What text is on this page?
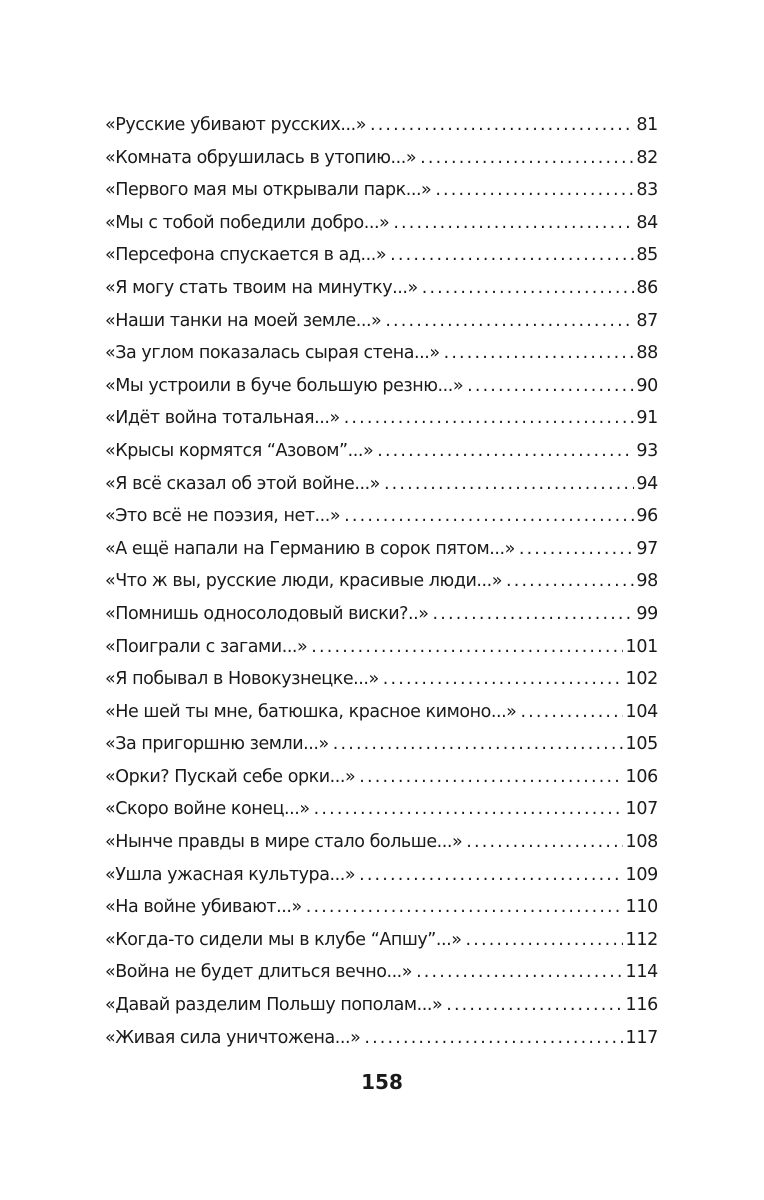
«Русские убивают русских...» . . .	81
«Комната обрушилась в утопию...» . . .	82
«Первого мая мы открывали парк...» . . .	83
«Мы с тобой победили добро...» . . .	84
«Персефона спускается в ад...» . . .	85
«Я могу стать твоим на минутку...» . . .	86
«Наши танки на моей земле...» . . .	87
«За углом показалась сырая стена...» . . .	88
«Мы устроили в буче большую резню...» . . .	90
«Идёт война тотальная...» . . .	91
«Крысы кормятся “Азовом”...» . . .	93
«Я всё сказал об этой войне...» . . .	94
«Это всё не поэзия, нет...» . . .	96
«А ещё напали на Германию в сорок пятом...» . . .	97
«Что ж вы, русские люди, красивые люди...» . . .	98
«Помнишь односолодовый виски?..» . . .	99
«Поиграли с загами...» . . .	101
«Я побывал в Новокузнецке...» . . .	102
«Не шей ты мне, батюшка, красное кимоно...» . . .	104
«За пригоршню земли...» . . .	105
«Орки? Пускай себе орки...» . . .	106
«Скоро войне конец...» . . .	107
«Нынче правды в мире стало больше...» . . .	108
«Ушла ужасная культура...» . . .	109
«На войне убивают...» . . .	110
«Когда-то сидели мы в клубе “Апшу”...» . . .	112
«Война не будет длиться вечно...» . . .	114
«Давай разделим Польшу пополам...» . . .	116
«Живая сила уничтожена...» . . .	117
158
